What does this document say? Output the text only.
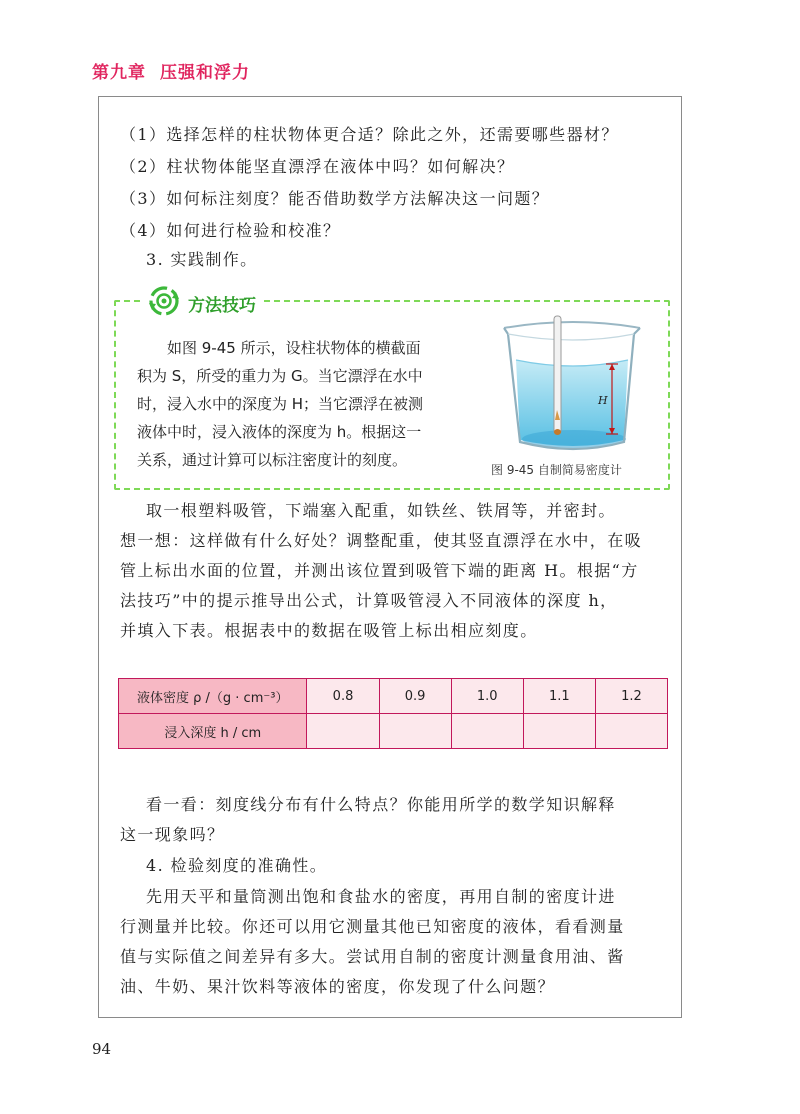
第九章 压强和浮力
（1）选择怎样的柱状物体更合适？除此之外，还需要哪些器材？
（2）柱状物体能坚直漂浮在液体中吗？如何解决？
（3）如何标注刻度？能否借助数学方法解决这一问题？
（4）如何进行检验和校准？
3. 实践制作。
方法技巧

如图 9-45 所示，设柱状物体的横截面

积为 S，所受的重力为 G。当它漂浮在水中

时，浸入水中的深度为 H；当它漂浮在被测

液体中时，浸入液体的深度为 h。根据这一

关系，通过计算可以标注密度计的刻度。

H
图 9-45 自制简易密度计

取一根塑料吸管，下端塞入配重，如铁丝、铁屑等，并密封。

想一想：这样做有什么好处？调整配重，使其竖直漂浮在水中，在吸

管上标出水面的位置，并测出该位置到吸管下端的距离 H。根据“方

法技巧”中的提示推导出公式，计算吸管浸入不同液体的深度 h，

并填入下表。根据表中的数据在吸管上标出相应刻度。

液体密度 ρ /（g · cm⁻³）	0.8	0.9	1.0	1.1	1.2
浸入深度 h / cm					

看一看：刻度线分布有什么特点？你能用所学的数学知识解释

这一现象吗？

4. 检验刻度的准确性。

先用天平和量筒测出饱和食盐水的密度，再用自制的密度计进

行测量并比较。你还可以用它测量其他已知密度的液体，看看测量

值与实际值之间差异有多大。尝试用自制的密度计测量食用油、酱

油、牛奶、果汁饮料等液体的密度，你发现了什么问题？

94
